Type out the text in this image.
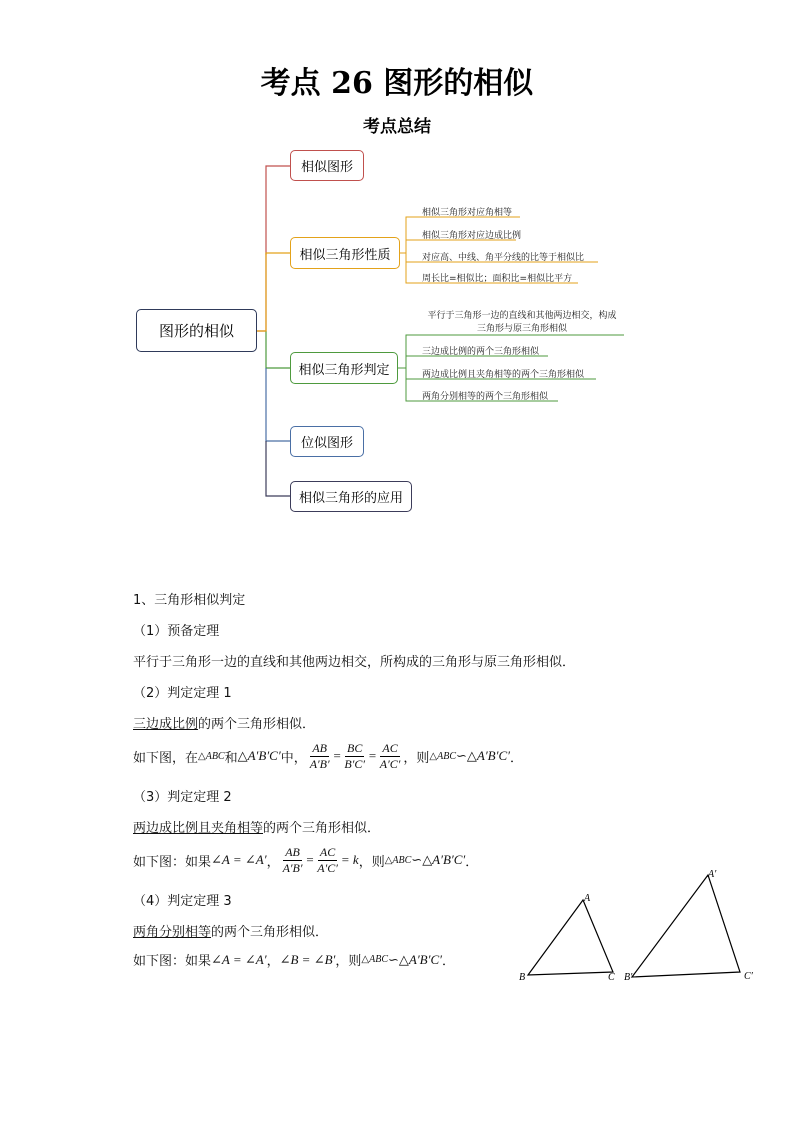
考点 26 图形的相似
考点总结
图形的相似
相似图形
相似三角形性质
相似三角形判定
位似图形
相似三角形的应用
相似三角形对应角相等
相似三角形对应边成比例
对应高、中线、角平分线的比等于相似比
周长比=相似比；面积比=相似比平方
平行于三角形一边的直线和其他两边相交，构成
三角形与原三角形相似
三边成比例的两个三角形相似
两边成比例且夹角相等的两个三角形相似
两角分别相等的两个三角形相似
1、三角形相似判定
（1）预备定理
平行于三角形一边的直线和其他两边相交，所构成的三角形与原三角形相似．
（2）判定定理 1
三边成比例的两个三角形相似．
如下图，在 △ABC 和 △A′B′C′ 中， $\frac{AB}{A'B'} = \frac{BC}{B'C'} = \frac{AC}{A'C'}$ ，则 △ABC ∽ △A′B′C′ ．
（3）判定定理 2
两边成比例且夹角相等的两个三角形相似．
如下图：如果 ∠A = ∠A′ ， $\frac{AB}{A'B'} = \frac{AC}{A'C'} = k$ ，则 △ABC ∽ △A′B′C′ ．
（4）判定定理 3
两角分别相等的两个三角形相似．
如下图：如果 ∠A = ∠A′ ， ∠B = ∠B′ ，则 △ABC ∽ △A′B′C′ ．
A
B	C
A′
B′	C′
